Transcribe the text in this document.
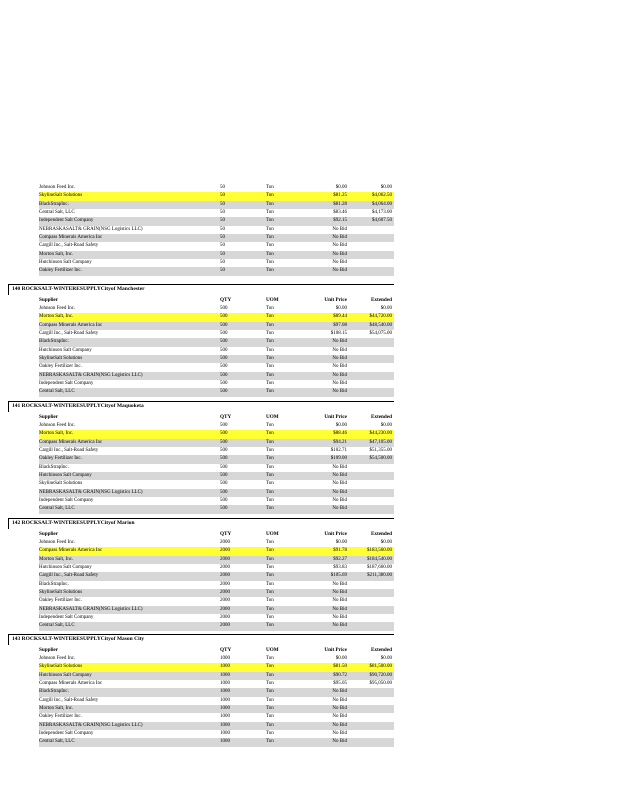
Johnson Feed Inc.	50	Ton	$0.00	$0.00
SkylineSalt Solutions	50	Ton	$81.25	$4,062.50
BlackStrapInc.	50	Ton	$81.28	$4,064.00
Central Salt, LLC	50	Ton	$83.46	$4,173.00
Independent Salt Company	50	Ton	$92.15	$4,607.50
NEBRASKASALT& GRAIN(NSG Logistics LLC)	50	Ton	No Bid
Compass Minerals America Inc	50	Ton	No Bid
Cargill Inc., Salt-Road Safety	50	Ton	No Bid
Morton Salt, Inc.	50	Ton	No Bid
Hutchinson Salt Company	50	Ton	No Bid
Oakley Fertilizer Inc.	50	Ton	No Bid
140 ROCKSALT-WINTERESUPPLYCityof Manchester
Supplier	QTY	UOM	Unit Price	Extended
Johnson Feed Inc.	500	Ton	$0.00	$0.00
Morton Salt, Inc.	500	Ton	$89.44	$44,720.00
Compass Minerals America Inc	500	Ton	$97.08	$48,540.00
Cargill Inc., Salt-Road Safety	500	Ton	$108.15	$54,075.00
BlackStrapInc.	500	Ton	No Bid
Hutchinson Salt Company	500	Ton	No Bid
SkylineSalt Solutions	500	Ton	No Bid
Oakley Fertilizer Inc.	500	Ton	No Bid
NEBRASKASALT& GRAIN(NSG Logistics LLC)	500	Ton	No Bid
Independent Salt Company	500	Ton	No Bid
Central Salt, LLC	500	Ton	No Bid
141 ROCKSALT-WINTERESUPPLYCityof Maquoketa
Supplier	QTY	UOM	Unit Price	Extended
Johnson Feed Inc.	500	Ton	$0.00	$0.00
Morton Salt, Inc.	500	Ton	$88.46	$44,230.00
Compass Minerals America Inc	500	Ton	$94.21	$47,105.00
Cargill Inc., Salt-Road Safety	500	Ton	$102.71	$51,355.00
Oakley Fertilizer Inc.	500	Ton	$109.00	$54,500.00
BlackStrapInc.	500	Ton	No Bid
Hutchinson Salt Company	500	Ton	No Bid
SkylineSalt Solutions	500	Ton	No Bid
NEBRASKASALT& GRAIN(NSG Logistics LLC)	500	Ton	No Bid
Independent Salt Company	500	Ton	No Bid
Central Salt, LLC	500	Ton	No Bid
142 ROCKSALT-WINTERESUPPLYCityof Marion
Supplier	QTY	UOM	Unit Price	Extended
Johnson Feed Inc.	2000	Ton	$0.00	$0.00
Compass Minerals America Inc	2000	Ton	$91.78	$183,560.00
Morton Salt, Inc.	2000	Ton	$92.27	$184,540.00
Hutchinson Salt Company	2000	Ton	$93.83	$187,660.00
Cargill Inc., Salt-Road Safety	2000	Ton	$105.69	$211,380.00
BlackStrapInc.	2000	Ton	No Bid
SkylineSalt Solutions	2000	Ton	No Bid
Oakley Fertilizer Inc.	2000	Ton	No Bid
NEBRASKASALT& GRAIN(NSG Logistics LLC)	2000	Ton	No Bid
Independent Salt Company	2000	Ton	No Bid
Central Salt, LLC	2000	Ton	No Bid
143 ROCKSALT-WINTERESUPPLYCityof Mason City
Supplier	QTY	UOM	Unit Price	Extended
Johnson Feed Inc.	1000	Ton	$0.00	$0.00
SkylineSalt Solutions	1000	Ton	$81.50	$81,500.00
Hutchinson Salt Company	1000	Ton	$90.72	$90,720.00
Compass Minerals America Inc	1000	Ton	$95.05	$95,050.00
BlackStrapInc.	1000	Ton	No Bid
Cargill Inc., Salt-Road Safety	1000	Ton	No Bid
Morton Salt, Inc.	1000	Ton	No Bid
Oakley Fertilizer Inc.	1000	Ton	No Bid
NEBRASKASALT& GRAIN(NSG Logistics LLC)	1000	Ton	No Bid
Independent Salt Company	1000	Ton	No Bid
Central Salt, LLC	1000	Ton	No Bid
